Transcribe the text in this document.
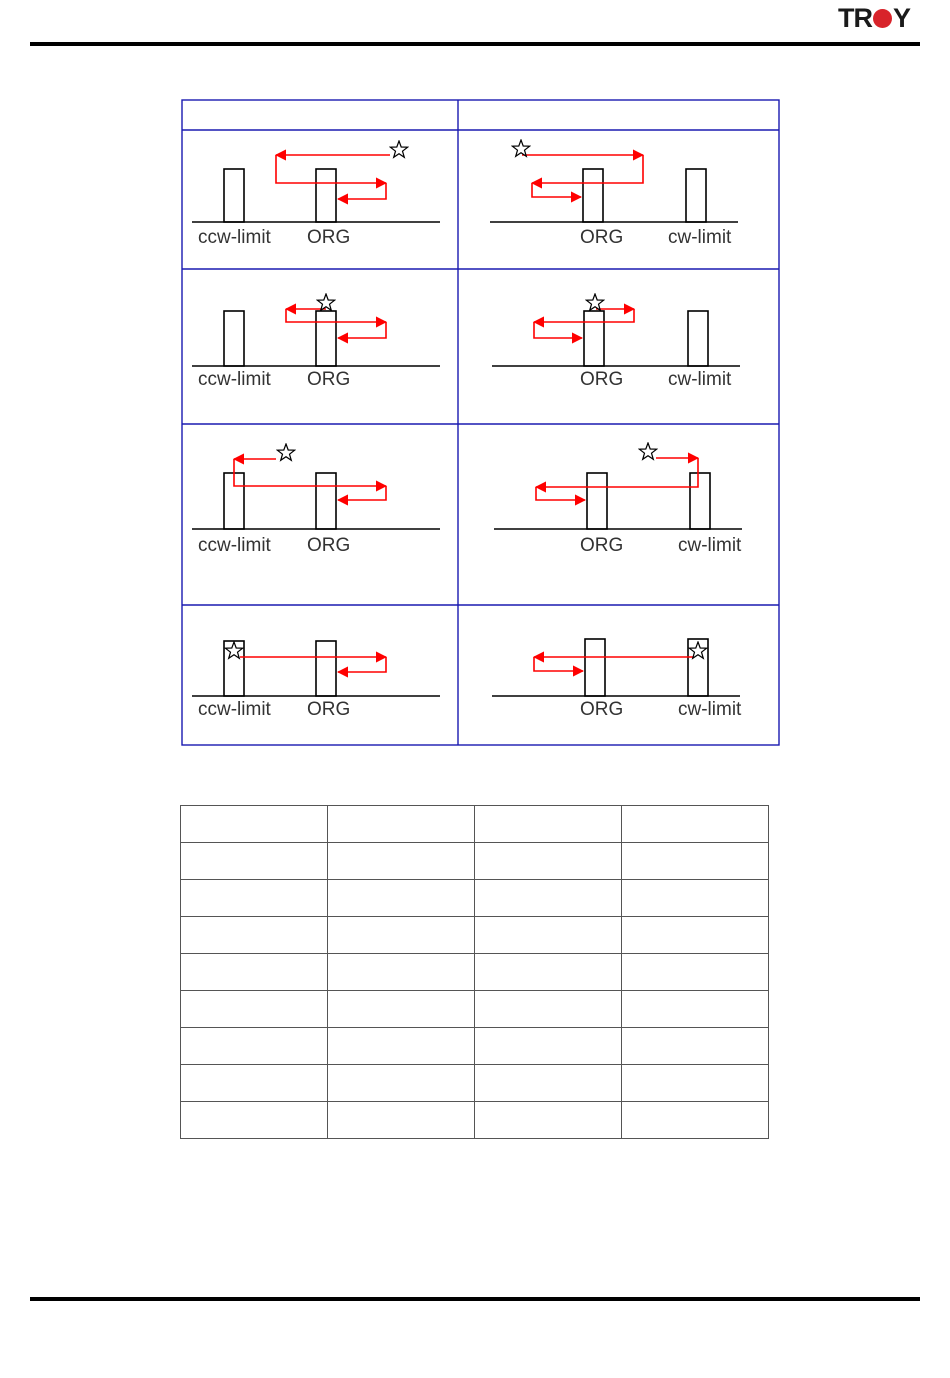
TR Y
ccw-limit ORG	ORG cw-limit
ccw-limit ORG	ORG cw-limit
ccw-limit ORG	ORG	cw-limit
ccw-limit ORG	ORG	cw-limit
